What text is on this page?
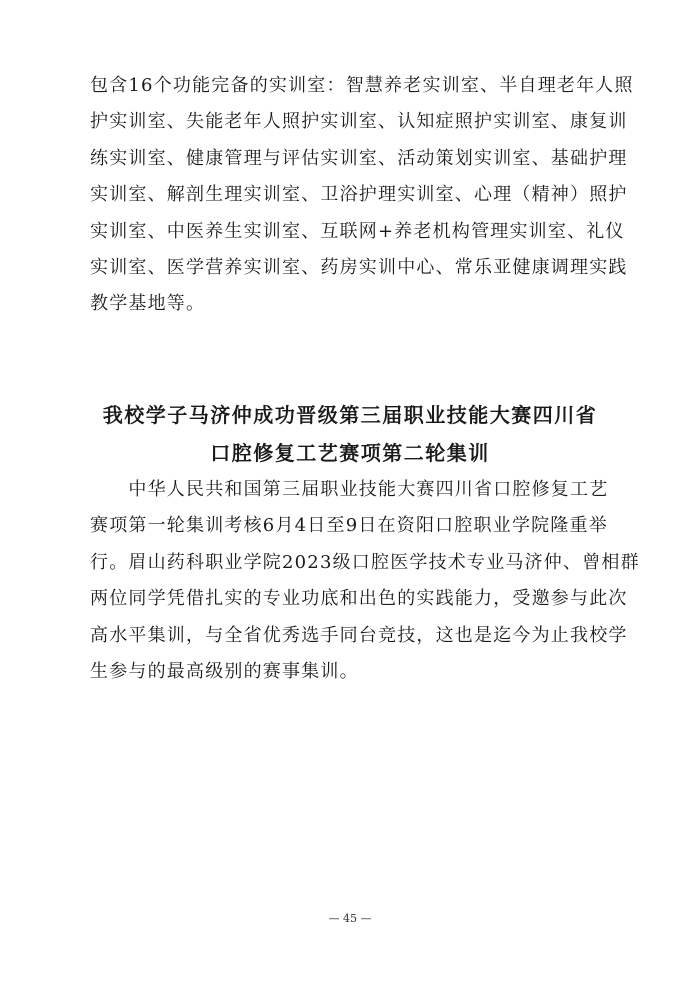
包含16个功能完备的实训室：智慧养老实训室、半自理老年人照
护实训室、失能老年人照护实训室、认知症照护实训室、康复训
练实训室、健康管理与评估实训室、活动策划实训室、基础护理
实训室、解剖生理实训室、卫浴护理实训室、心理（精神）照护
实训室、中医养生实训室、互联网+养老机构管理实训室、礼仪
实训室、医学营养实训室、药房实训中心、常乐亚健康调理实践
教学基地等。
我校学子马济仲成功晋级第三届职业技能大赛四川省
口腔修复工艺赛项第二轮集训
　　中华人民共和国第三届职业技能大赛四川省口腔修复工艺
赛项第一轮集训考核6月4日至9日在资阳口腔职业学院隆重举
行。眉山药科职业学院2023级口腔医学技术专业马济仲、曾相群
两位同学凭借扎实的专业功底和出色的实践能力，受邀参与此次
高水平集训，与全省优秀选手同台竞技，这也是迄今为止我校学
生参与的最高级别的赛事集训。
— 45 —
